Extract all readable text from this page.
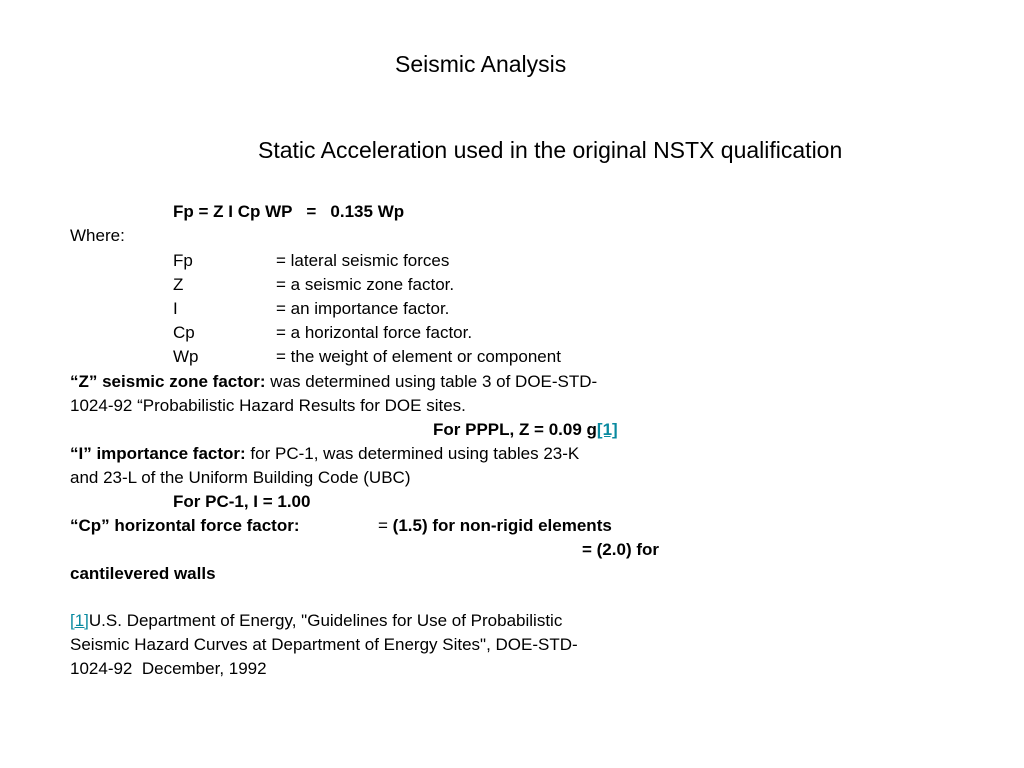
Seismic Analysis
Static Acceleration used in the original NSTX qualification
Fp = Z I Cp WP   =   0.135 Wp
Where:
Fp	= lateral seismic forces
Z	= a seismic zone factor.
I	= an importance factor.
Cp	= a horizontal force factor.
Wp	= the weight of element or component
“Z” seismic zone factor: was determined using table 3 of DOE-STD-
1024-92 “Probabilistic Hazard Results for DOE sites.
For PPPL, Z = 0.09 g[1]
“I” importance factor: for PC-1, was determined using tables 23-K
and 23-L of the Uniform Building Code (UBC)
For PC-1, I = 1.00
“Cp” horizontal force factor:	= (1.5) for non-rigid elements
= (2.0) for
cantilevered walls
[1]U.S. Department of Energy, "Guidelines for Use of Probabilistic
Seismic Hazard Curves at Department of Energy Sites", DOE-STD-
1024-92  December, 1992
